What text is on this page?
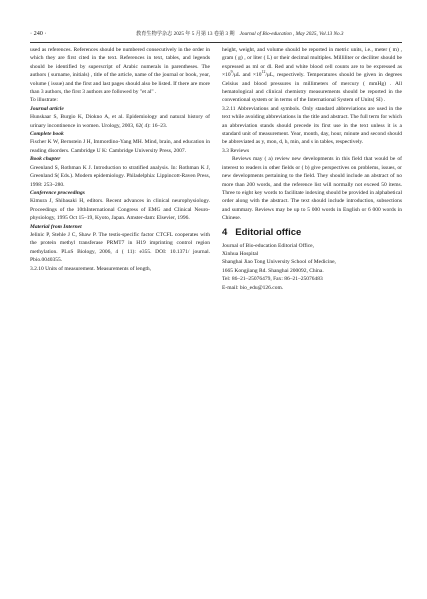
· 240 ·	教育生物学杂志 2025 年 5 月第 13 卷第 3 期 Journal of Bio-education , May 2025, Vol.13 No.3

used as references. References should be numbered consecutively in the order in which they are first cited in the text. References in text, tables, and legends should be identified by superscript of Arabic numerals in parentheses. The authors ( surname, initials) , title of the article, name of the journal or book, year, volume ( issue) and the first and last pages should also be listed. If there are more than 3 authors, the first 3 authors are followed by "et al" .

To illustrate:

Journal article

Hunskaar S, Burgio K, Diokno A, et al. Epidemiology and natural history of urinary incontinence in women. Urology, 2003, 62( 4): 16–23.

Complete book

Fischer K W, Bernstein J H, Immordino-Yang MH. Mind, brain, and education in reading disorders. Cambridge U K: Cambridge University Press, 2007.

Book chapter

Greenland S, Rothman K J. Introduction to stratified analysis. In: Rothman K J, Greenland S( Eds.). Modern epidemiology. Philadelphia: Lippincott-Raven Press, 1998: 253–280.

Conference proceedings

Kimura J, Shibasaki H, editors. Recent advances in clinical neurophysiology. Proceedings of the 10thInternational Congress of EMG and Clinical Neuro-physiology, 1995 Oct 15–19, Kyoto, Japan. Amster-dam: Elsevier, 1996.

Material from Internet

Jelinic P, Stehle J C, Shaw P. The testis-specific factor CTCFL cooperates with the protein methyl transferase PRMT7 in H19 imprinting control region methylation. PLoS Biology, 2006, 4 ( 11): e355. DOI: 10.1371/ journal. Pbio.0040355.

3.2.10 Units of measurement. Measurements of length,

height, weight, and volume should be reported in metric units, i.e., meter ( m) , gram ( g) , or liter ( L) or their decimal multiples. Milliliter or deciliter should be expressed as ml or dl. Red and white blood cell counts are to be expressed as $\times 10^9/\mu L$ and $\times 10^{12}/\mu L$, respectively. Temperatures should be given in degrees Celsius and blood pressures in millimeters of mercury ( mmHg) . All hematological and clinical chemistry measurements should be reported in the conventional system or in terms of the International System of Units( SI) .

3.2.11 Abbreviations and symbols. Only standard abbreviations are used in the text while avoiding abbreviations in the title and abstract. The full term for which an abbreviation stands should precede its first use in the text unless it is a standard unit of measurement. Year, month, day, hour, minute and second should be abbreviated as y, mon, d, h, min, and s in tables, respectively.

3.3 Reviews

Reviews may ( a) review new developments in this field that would be of interest to readers in other fields or ( b) give perspectives on problems, issues, or new developments pertaining to the field. They should include an abstract of no more than 200 words, and the reference list will normally not exceed 50 items. Three to eight key words to facilitate indexing should be provided in alphabetical order along with the abstract. The text should include introduction, subsections and summary. Reviews may be up to 5 000 words in English or 6 000 words in Chinese.

4 Editorial office

Journal of Bio-education Editorial Office,

Xinhua Hospital

Shanghai Jiao Tong University School of Medicine,

1665 Kongjiang Rd. Shanghai 200092, China.

Tel: 86–21–25076479, Fax: 86–21–25076483

E-mail: bio_edu@126.com.
